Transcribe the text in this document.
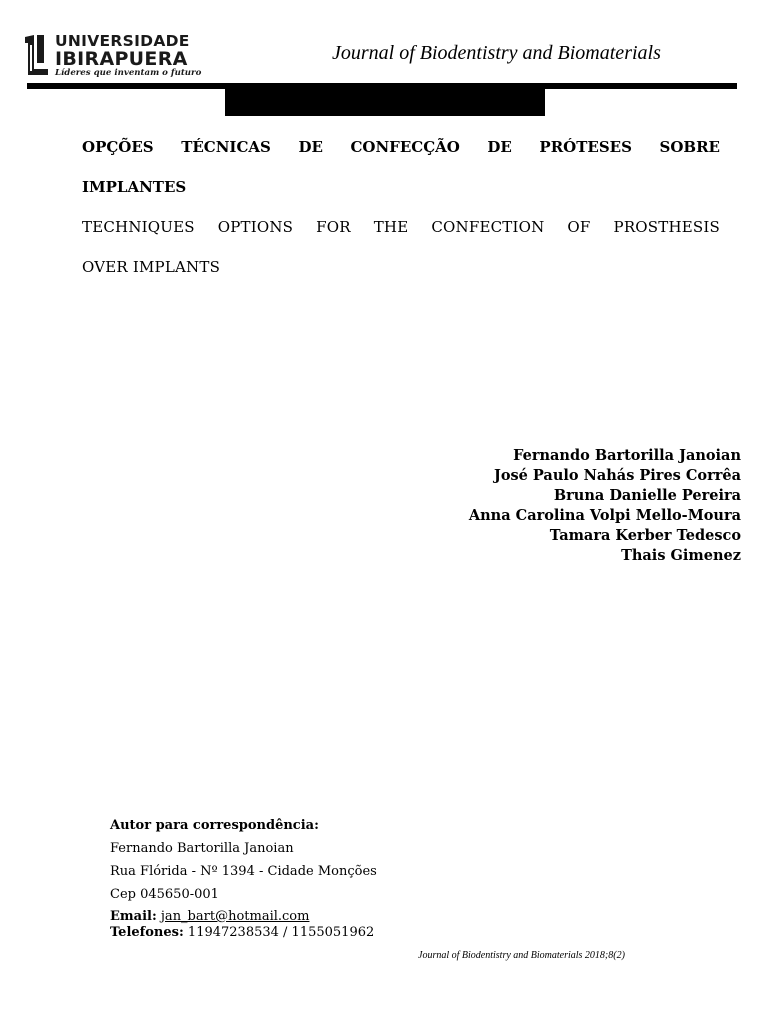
UNIVERSIDADE
IBIRAPUERA
Líderes que inventam o futuro
Journal of Biodentistry and Biomaterials
OPÇÕES TÉCNICAS DE CONFECÇÃO DE PRÓTESES SOBRE
IMPLANTES
TECHNIQUES OPTIONS FOR THE CONFECTION OF PROSTHESIS
OVER IMPLANTS
Fernando Bartorilla Janoian
José Paulo Nahás Pires Corrêa
Bruna Danielle Pereira
Anna Carolina Volpi Mello-Moura
Tamara Kerber Tedesco
Thais Gimenez
Autor para correspondência:
Fernando Bartorilla Janoian
Rua Flórida - Nº 1394 - Cidade Monções
Cep 045650-001
Email: jan_bart@hotmail.com
Telefones: 11947238534 / 1155051962
Journal of Biodentistry and Biomaterials 2018;8(2)
